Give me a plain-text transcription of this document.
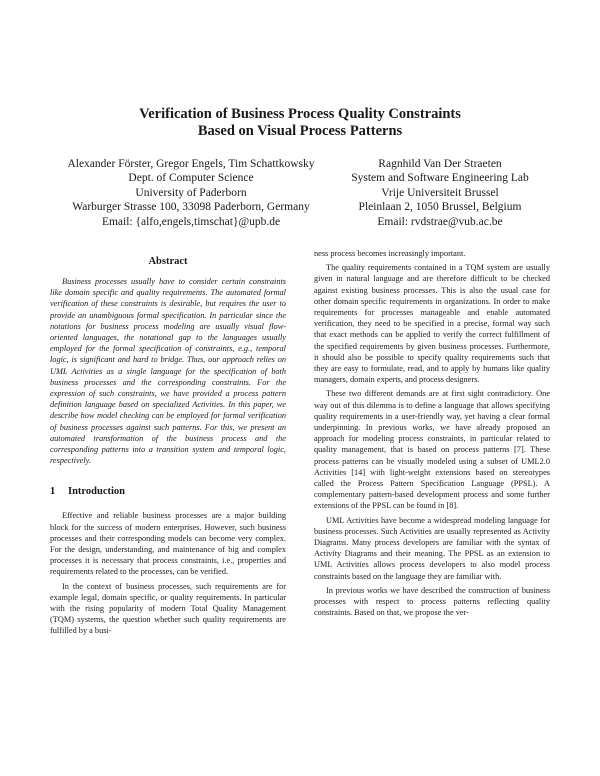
Verification of Business Process Quality Constraints
Based on Visual Process Patterns
Alexander Förster, Gregor Engels, Tim Schattkowsky
Dept. of Computer Science
University of Paderborn
Warburger Strasse 100, 33098 Paderborn, Germany
Email: {alfo,engels,timschat}@upb.de
Ragnhild Van Der Straeten
System and Software Engineering Lab
Vrije Universiteit Brussel
Pleinlaan 2, 1050 Brussel, Belgium
Email: rvdstrae@vub.ac.be
Abstract

Business processes usually have to consider certain constraints like domain specific and quality requirements. The automated formal verification of these constraints is desirable, but requires the user to provide an unambiguous formal specification. In particular since the notations for business process modeling are usually visual flow-oriented languages, the notational gap to the languages usually employed for the formal specification of constraints, e.g., temporal logic, is significant and hard to bridge. Thus, our approach relies on UML Activities as a single language for the specification of both business processes and the corresponding constraints. For the expression of such constraints, we have provided a process pattern definition language based on specialized Activities. In this paper, we describe how model checking can be employed for formal verification of business processes against such patterns. For this, we present an automated transformation of the business process and the corresponding patterns into a transition system and temporal logic, respectively.

1 Introduction

Effective and reliable business processes are a major building block for the success of modern enterprises. However, such business processes and their corresponding models can become very complex. For the design, understanding, and maintenance of big and complex processes it is necessary that process constraints, i.e., properties and requirements related to the processes, can be verified.

In the context of business processes, such requirements are for example legal, domain specific, or quality requirements. In particular with the rising popularity of modern Total Quality Management (TQM) systems, the question whether such quality requirements are fulfilled by a busi-

ness process becomes increasingly important.

The quality requirements contained in a TQM system are usually given in natural language and are therefore difficult to be checked against existing business processes. This is also the usual case for other domain specific requirements in organizations. In order to make requirements for processes manageable and enable automated verification, they need to be specified in a precise, formal way such that exact methods can be applied to verify the correct fulfillment of the specified requirements by given business processes. Furthermore, it should also be possible to specify quality requirements such that they are easy to formulate, read, and to apply by humans like quality managers, domain experts, and process designers.

These two different demands are at first sight contradictory. One way out of this dilemma is to define a language that allows specifying quality requirements in a user-friendly way, yet having a clear formal underpinning. In previous works, we have already proposed an approach for modeling process constraints, in particular related to quality management, that is based on process patterns [7]. These process patterns can be visually modeled using a subset of UML2.0 Activities [14] with light-weight extensions based on stereotypes called the Process Pattern Specification Language (PPSL). A complementary pattern-based development process and some further extensions of the PPSL can be found in [8].

UML Activities have become a widespread modeling language for business processes. Such Activities are usually represented as Activity Diagrams. Many process developers are familiar with the syntax of Activity Diagrams and their meaning. The PPSL as an extension to UML Activities allows process developers to also model process constraints based on the language they are familiar with.

In previous works we have described the construction of business processes with respect to process patterns reflecting quality constraints. Based on that, we propose the ver-
